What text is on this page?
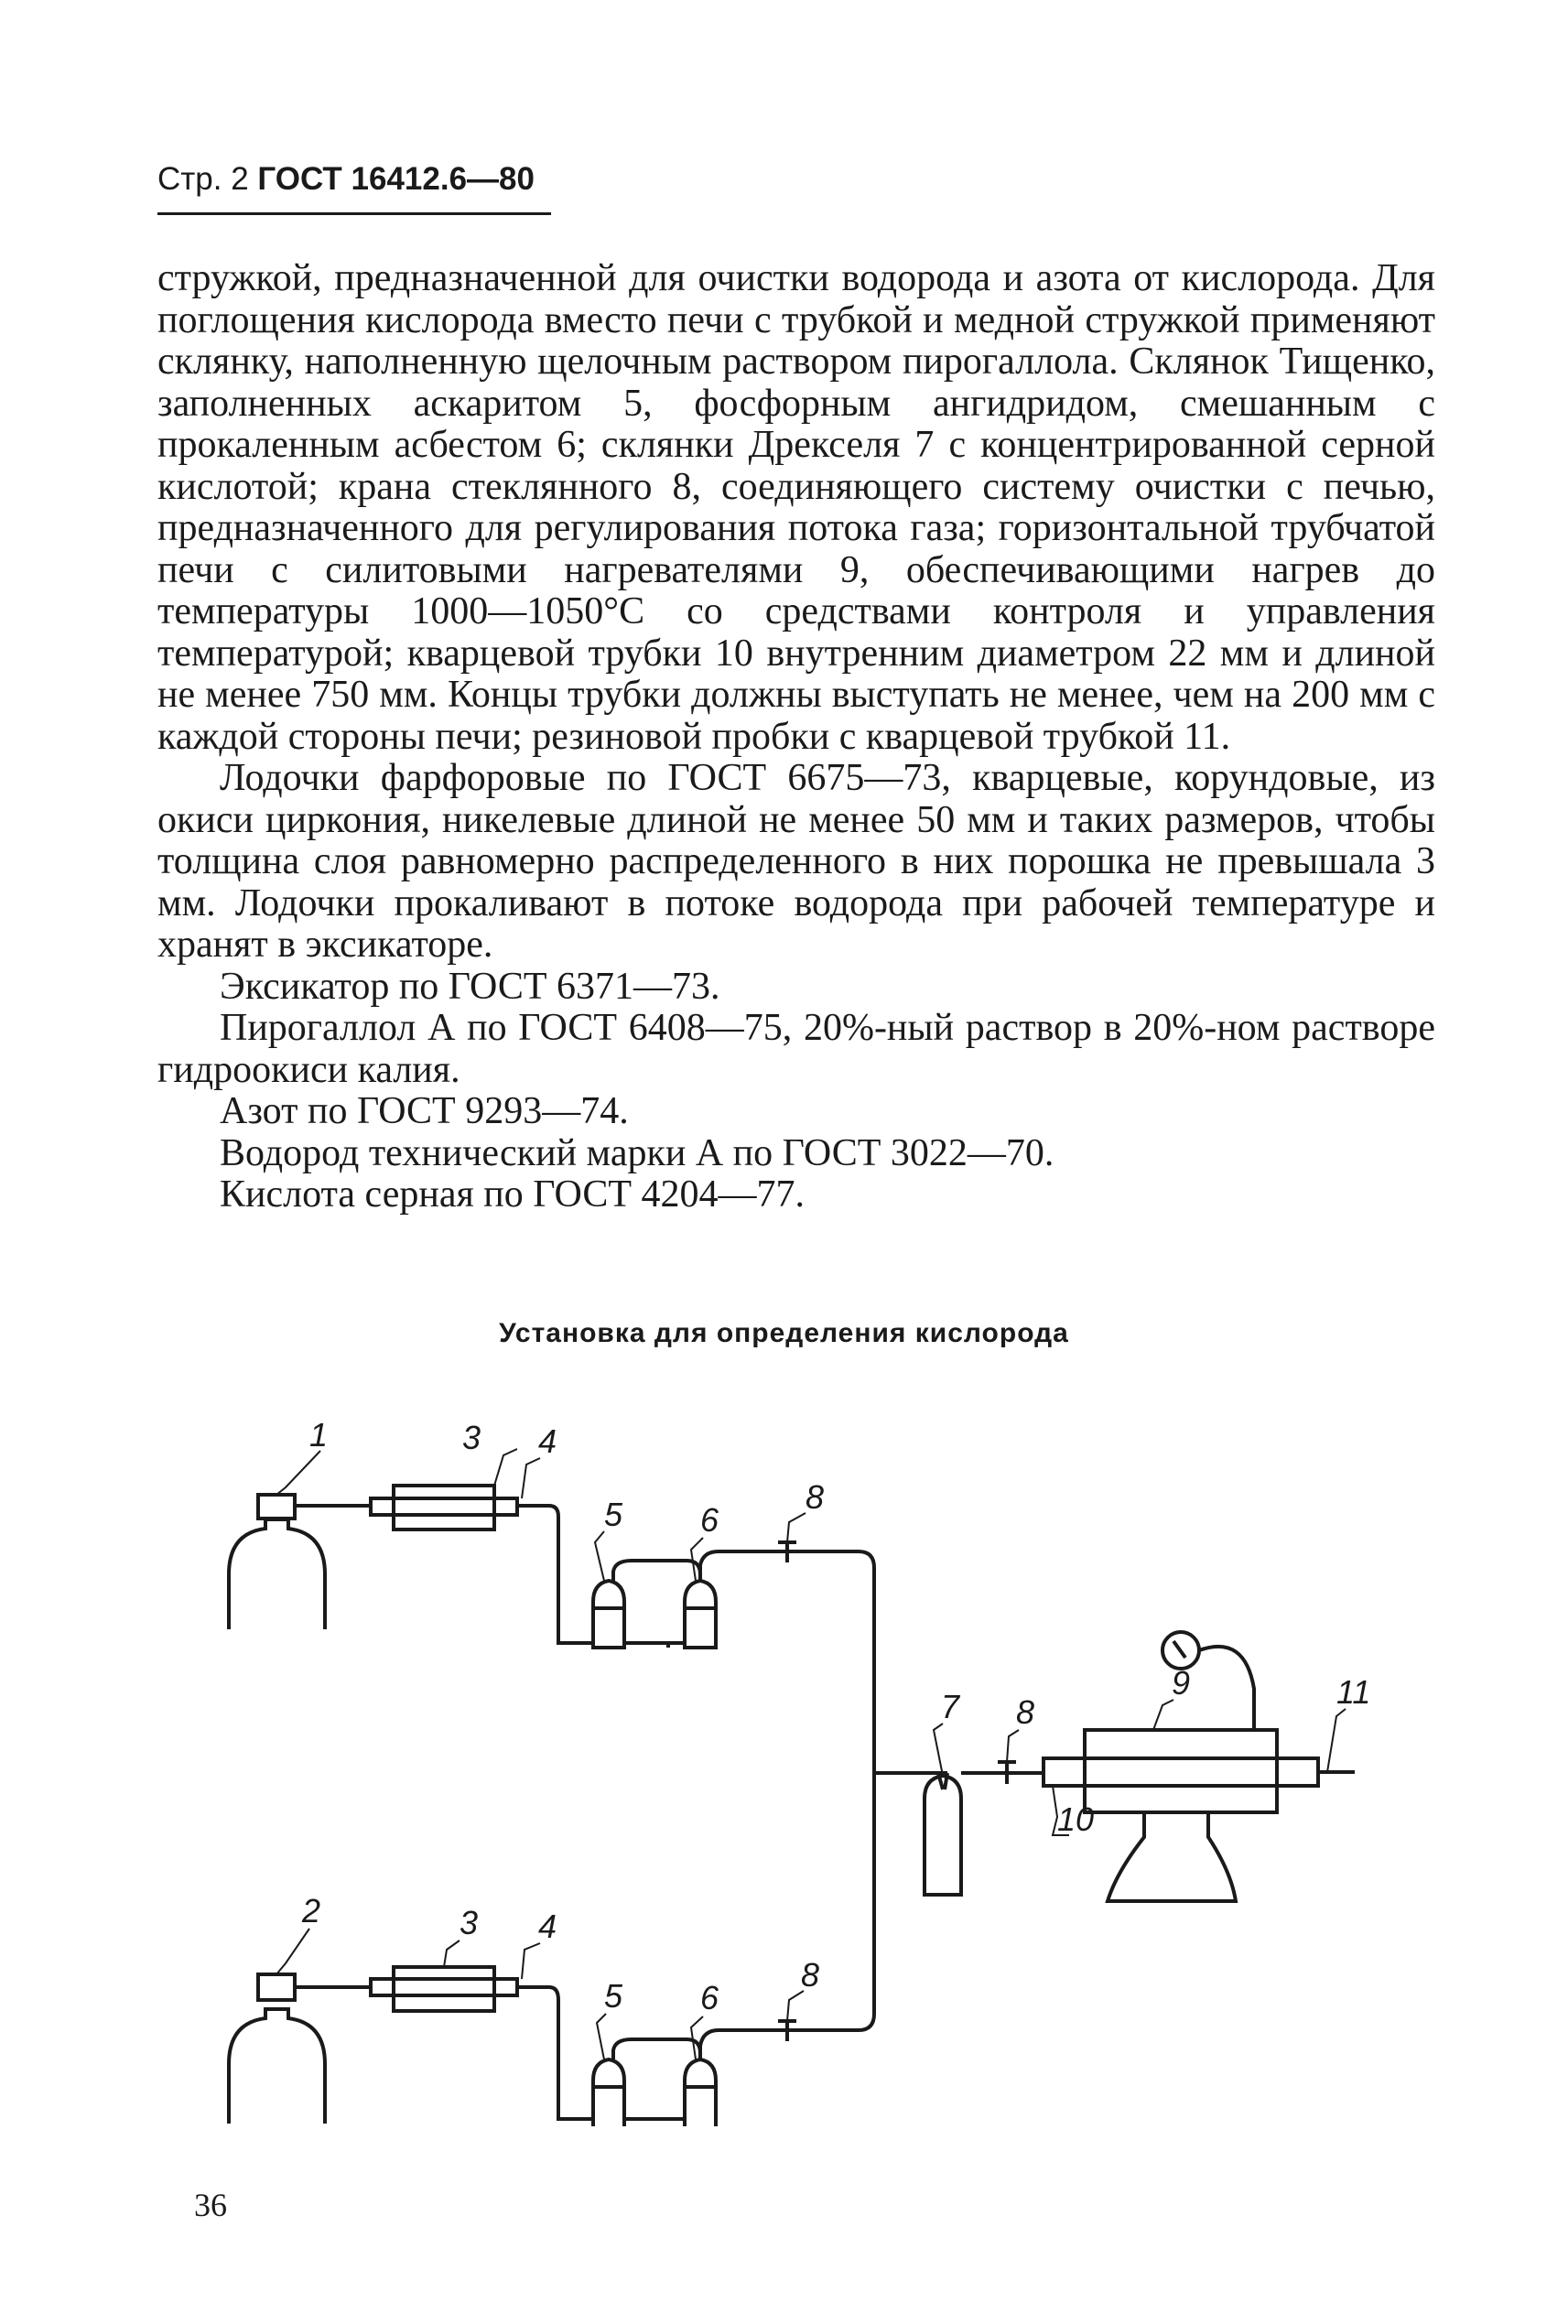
Стр. 2 ГОСТ 16412.6—80

стружкой, предназначенной для очистки водорода и азота от кислорода. Для поглощения кислорода вместо печи с трубкой и медной стружкой применяют склянку, наполненную щелочным раствором пирогаллола. Склянок Тищенко, заполненных аскаритом 5, фосфорным ангидридом, смешанным с прокаленным асбестом 6; склянки Дрекселя 7 с концентрированной серной кислотой; крана стеклянного 8, соединяющего систему очистки с печью, предназначенного для регулирования потока газа; горизонтальной трубчатой печи с силитовыми нагревателями 9, обеспечивающими нагрев до температуры 1000—1050°С со средствами контроля и управления температурой; кварцевой трубки 10 внутренним диаметром 22 мм и длиной не менее 750 мм. Концы трубки должны выступать не менее, чем на 200 мм с каждой стороны печи; резиновой пробки с кварцевой трубкой 11.

Лодочки фарфоровые по ГОСТ 6675—73, кварцевые, корундовые, из окиси циркония, никелевые длиной не менее 50 мм и таких размеров, чтобы толщина слоя равномерно распределенного в них порошка не превышала 3 мм. Лодочки прокаливают в потоке водорода при рабочей температуре и хранят в эксикаторе.

Эксикатор по ГОСТ 6371—73.

Пирогаллол А по ГОСТ 6408—75, 20%-ный раствор в 20%-ном растворе гидроокиси калия.

Азот по ГОСТ 9293—74.

Водород технический марки А по ГОСТ 3022—70.

Кислота серная по ГОСТ 4204—77.

Установка для определения кислорода
1	3 4
5 6
8
2	3 4
5 6
8
7 8
9	11
10
36
